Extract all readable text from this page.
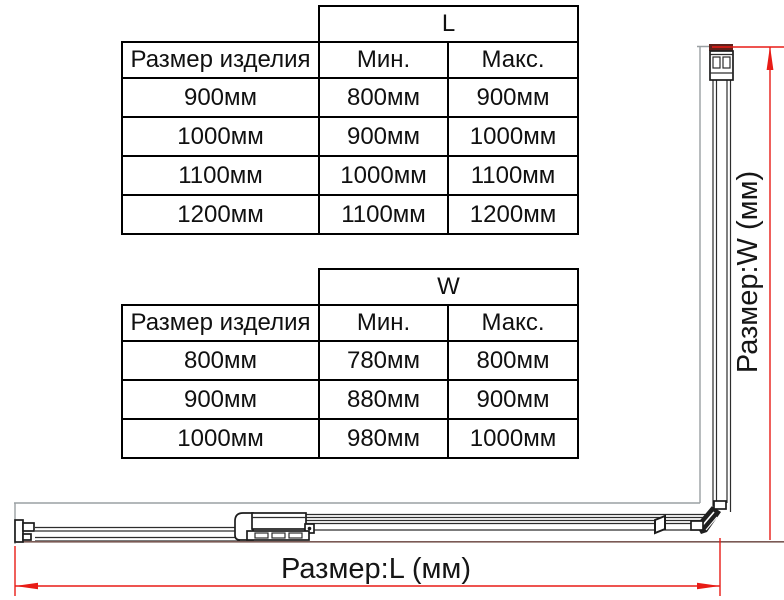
Размер:L (мм)
Размер:W (мм)
	L	
Размер изделия	Мин.	Макс.
900мм	800мм	900мм
1000мм	900мм	1000мм
1100мм	1000мм	1100мм
1200мм	1100мм	1200мм
	W	
Размер изделия	Мин.	Макс.
800мм	780мм	800мм
900мм	880мм	900мм
1000мм	980мм	1000мм
